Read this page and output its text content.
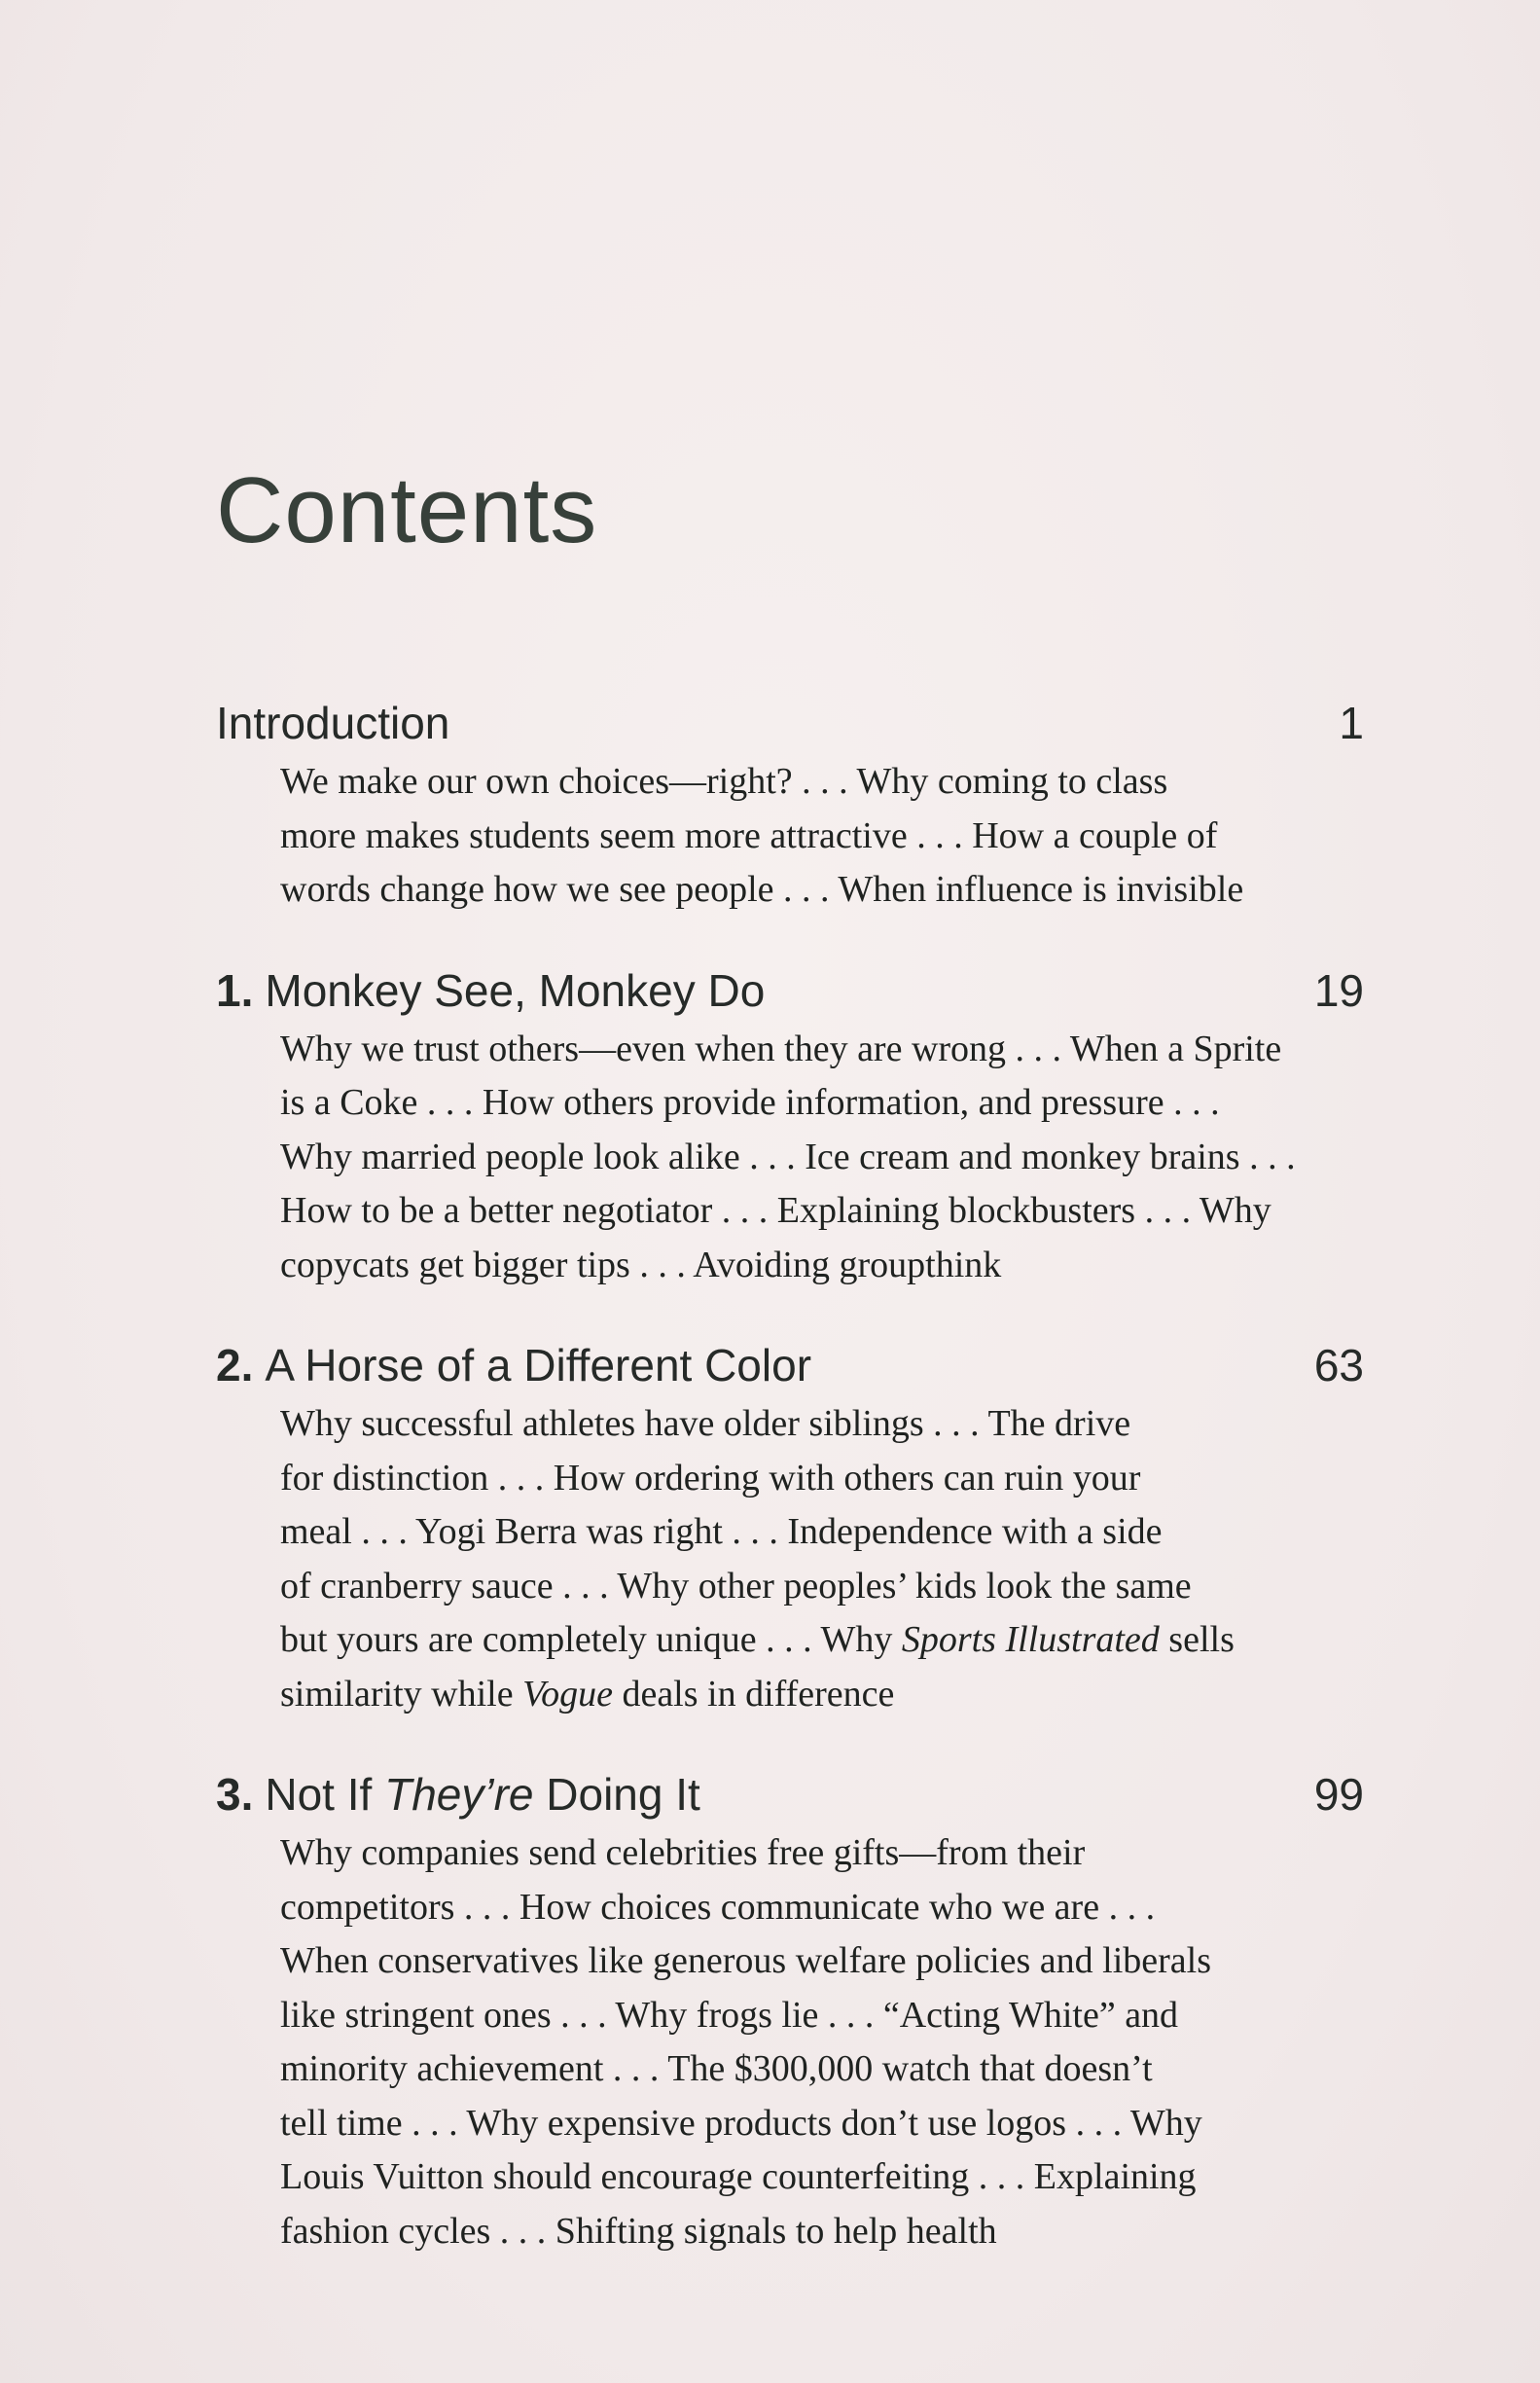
Contents
Introduction	1

We make our own choices—right? . . . Why coming to class

more makes students seem more attractive . . . How a couple of

words change how we see people . . . When influence is invisible

1. Monkey See, Monkey Do	19

Why we trust others—even when they are wrong . . . When a Sprite

is a Coke . . . How others provide information, and pressure . . .

Why married people look alike . . . Ice cream and monkey brains . . .

How to be a better negotiator . . . Explaining blockbusters . . . Why

copycats get bigger tips . . . Avoiding groupthink

2. A Horse of a Different Color	63

Why successful athletes have older siblings . . . The drive

for distinction . . . How ordering with others can ruin your

meal . . . Yogi Berra was right . . . Independence with a side

of cranberry sauce . . . Why other peoples’ kids look the same

but yours are completely unique . . . Why Sports Illustrated sells

similarity while Vogue deals in difference

3. Not If They’re Doing It	99

Why companies send celebrities free gifts—from their

competitors . . . How choices communicate who we are . . .

When conservatives like generous welfare policies and liberals

like stringent ones . . . Why frogs lie . . . “Acting White” and

minority achievement . . . The $300,000 watch that doesn’t

tell time . . . Why expensive products don’t use logos . . . Why

Louis Vuitton should encourage counterfeiting . . . Explaining

fashion cycles . . . Shifting signals to help health
